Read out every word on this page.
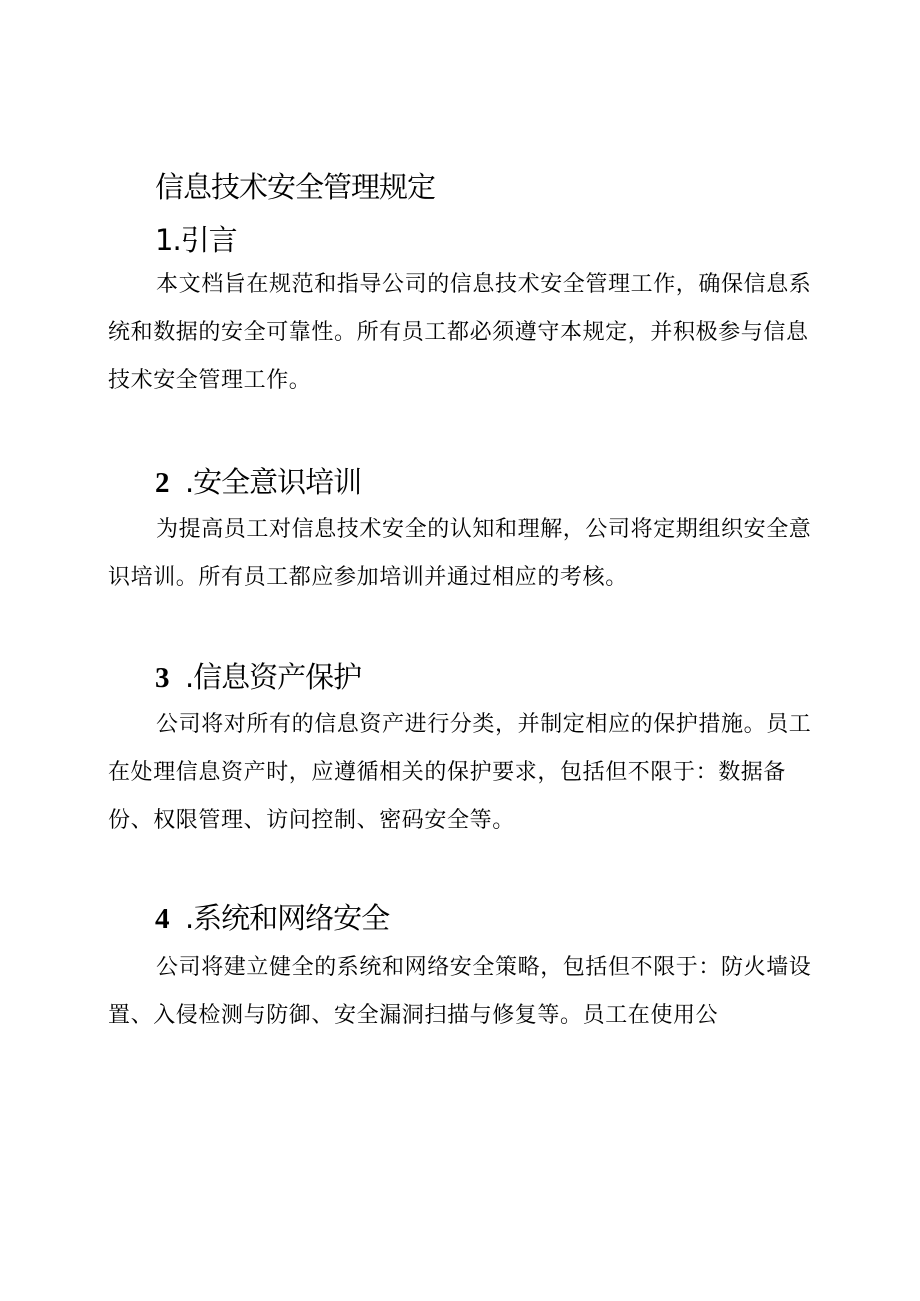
信息技术安全管理规定
1.引言

本文档旨在规范和指导公司的信息技术安全管理工作，确保信息系统和数据的安全可靠性。所有员工都必须遵守本规定，并积极参与信息技术安全管理工作。

2 .安全意识培训

为提高员工对信息技术安全的认知和理解，公司将定期组织安全意识培训。所有员工都应参加培训并通过相应的考核。

3 .信息资产保护

公司将对所有的信息资产进行分类，并制定相应的保护措施。员工在处理信息资产时，应遵循相关的保护要求，包括但不限于：数据备份、权限管理、访问控制、密码安全等。

4 .系统和网络安全

公司将建立健全的系统和网络安全策略，包括但不限于：防火墙设置、入侵检测与防御、安全漏洞扫描与修复等。员工在使用公
